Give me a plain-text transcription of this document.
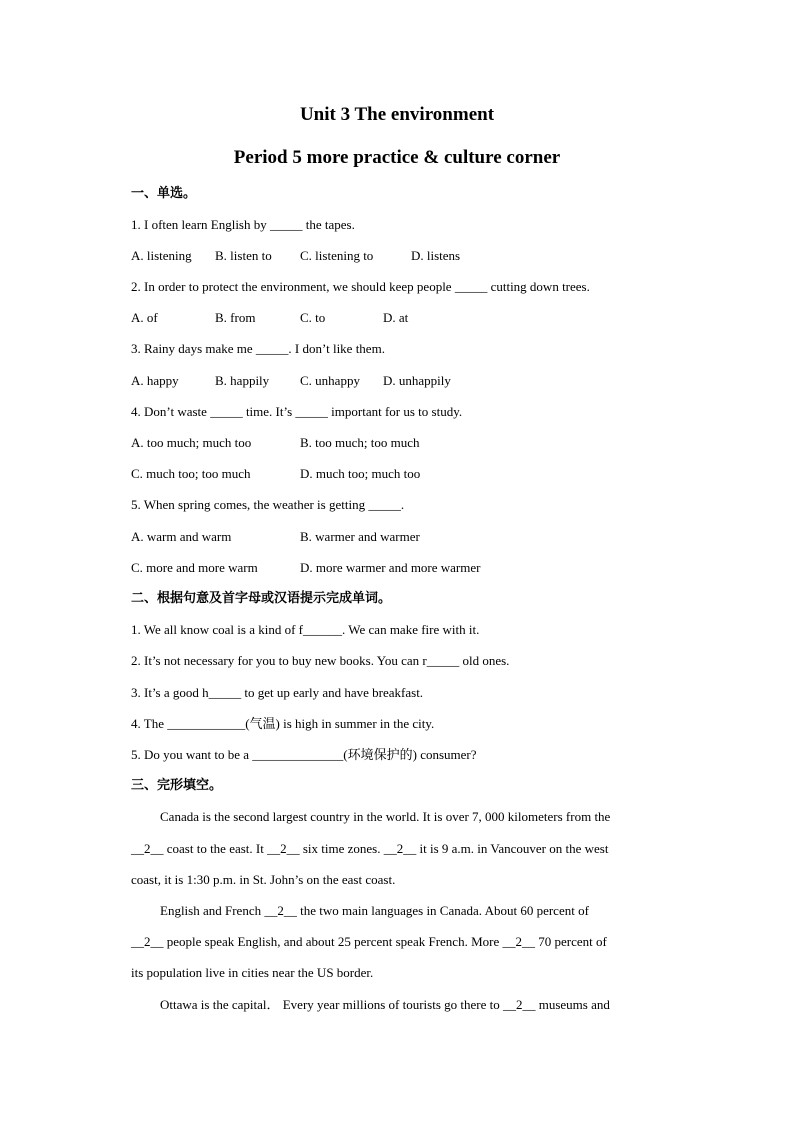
Unit 3 The environment
Period 5 more practice & culture corner
一、单选。
1. I often learn English by _____ the tapes.
A. listening B. listen to C. listening to	D. listens
2. In order to protect the environment, we should keep people _____ cutting down trees.
A. of	B. from	C. to	D. at
3. Rainy days make me _____. I don’t like them.
A. happy	B. happily C. unhappy D. unhappily
4. Don’t waste _____ time. It’s _____ important for us to study.
A. too much; much too	B. too much; too much
C. much too; too much	D. much too; much too
5. When spring comes, the weather is getting _____.
A. warm and warm	B. warmer and warmer
C. more and more warm	D. more warmer and more warmer
二、根据句意及首字母或汉语提示完成单词。
1. We all know coal is a kind of f______. We can make fire with it.
2. It’s not necessary for you to buy new books. You can r_____ old ones.
3. It’s a good h_____ to get up early and have breakfast.
4. The ____________(气温) is high in summer in the city.
5. Do you want to be a ______________(环境保护的) consumer?
三、完形填空。
Canada is the second largest country in the world. It is over 7, 000 kilometers from the
__2__ coast to the east. It __2__ six time zones. __2__ it is 9 a.m. in Vancouver on the west
coast, it is 1:30 p.m. in St. John’s on the east coast.
English and French __2__ the two main languages in Canada. About 60 percent of
__2__ people speak English, and about 25 percent speak French. More __2__ 70 percent of
its population live in cities near the US border.
Ottawa is the capital． Every year millions of tourists go there to __2__ museums and
